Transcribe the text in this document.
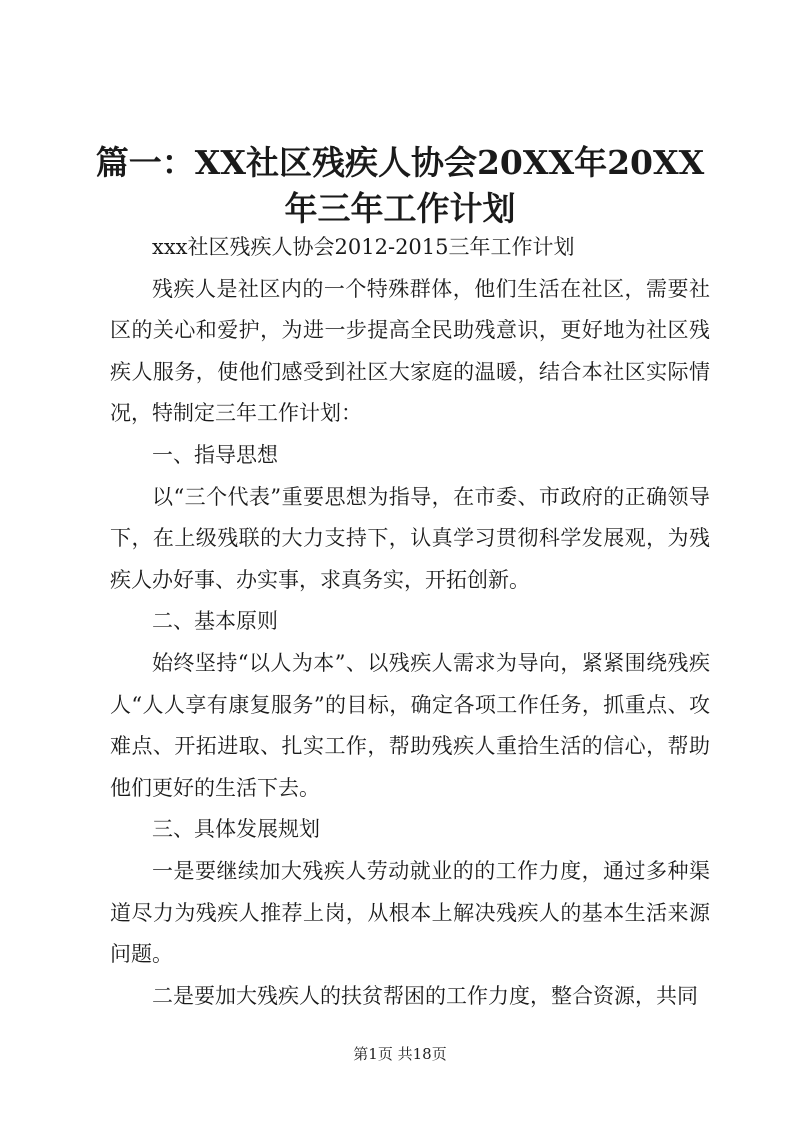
篇一：XX社区残疾人协会20XX年20XX年三年工作计划

xxx社区残疾人协会2012-2015三年工作计划

残疾人是社区内的一个特殊群体，他们生活在社区，需要社区的关心和爱护，为进一步提高全民助残意识，更好地为社区残疾人服务，使他们感受到社区大家庭的温暖，结合本社区实际情况，特制定三年工作计划：

一、指导思想

以“三个代表”重要思想为指导，在市委、市政府的正确领导下，在上级残联的大力支持下，认真学习贯彻科学发展观，为残疾人办好事、办实事，求真务实，开拓创新。

二、基本原则

始终坚持“以人为本”、以残疾人需求为导向，紧紧围绕残疾人“人人享有康复服务”的目标，确定各项工作任务，抓重点、攻难点、开拓进取、扎实工作，帮助残疾人重拾生活的信心，帮助他们更好的生活下去。

三、具体发展规划

一是要继续加大残疾人劳动就业的的工作力度，通过多种渠道尽力为残疾人推荐上岗，从根本上解决残疾人的基本生活来源问题。

二是要加大残疾人的扶贫帮困的工作力度，整合资源，共同

第1页 共18页
